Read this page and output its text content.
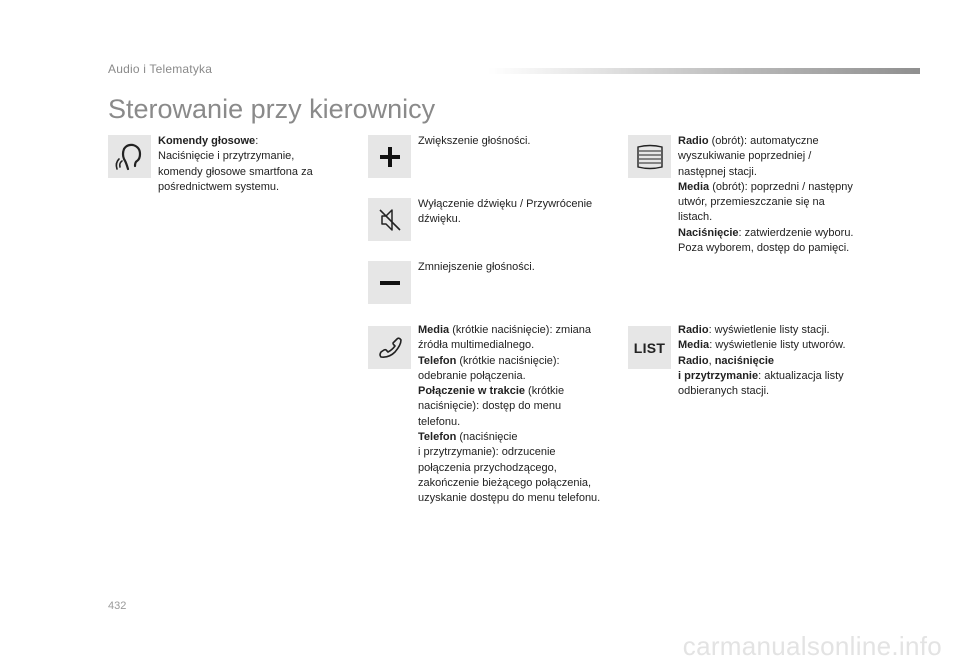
Audio i Telematyka
Sterowanie przy kierownicy
Komendy głosowe:
Naciśnięcie i przytrzymanie,
komendy głosowe smartfona za
pośrednictwem systemu.
Zwiększenie głośności.
Wyłączenie dźwięku / Przywrócenie
dźwięku.
Zmniejszenie głośności.
Media (krótkie naciśnięcie): zmiana
źródła multimedialnego.
Telefon (krótkie naciśnięcie):
odebranie połączenia.
Połączenie w trakcie (krótkie
naciśnięcie): dostęp do menu
telefonu.
Telefon (naciśnięcie
i przytrzymanie): odrzucenie
połączenia przychodzącego,
zakończenie bieżącego połączenia,
uzyskanie dostępu do menu telefonu.
Radio (obrót): automatyczne
wyszukiwanie poprzedniej /
następnej stacji.
Media (obrót): poprzedni / następny
utwór, przemieszczanie się na
listach.
Naciśnięcie: zatwierdzenie wyboru.
Poza wyborem, dostęp do pamięci.
LIST
Radio: wyświetlenie listy stacji.
Media: wyświetlenie listy utworów.
Radio, naciśnięcie
i przytrzymanie: aktualizacja listy
odbieranych stacji.
432
carmanualsonline.info
